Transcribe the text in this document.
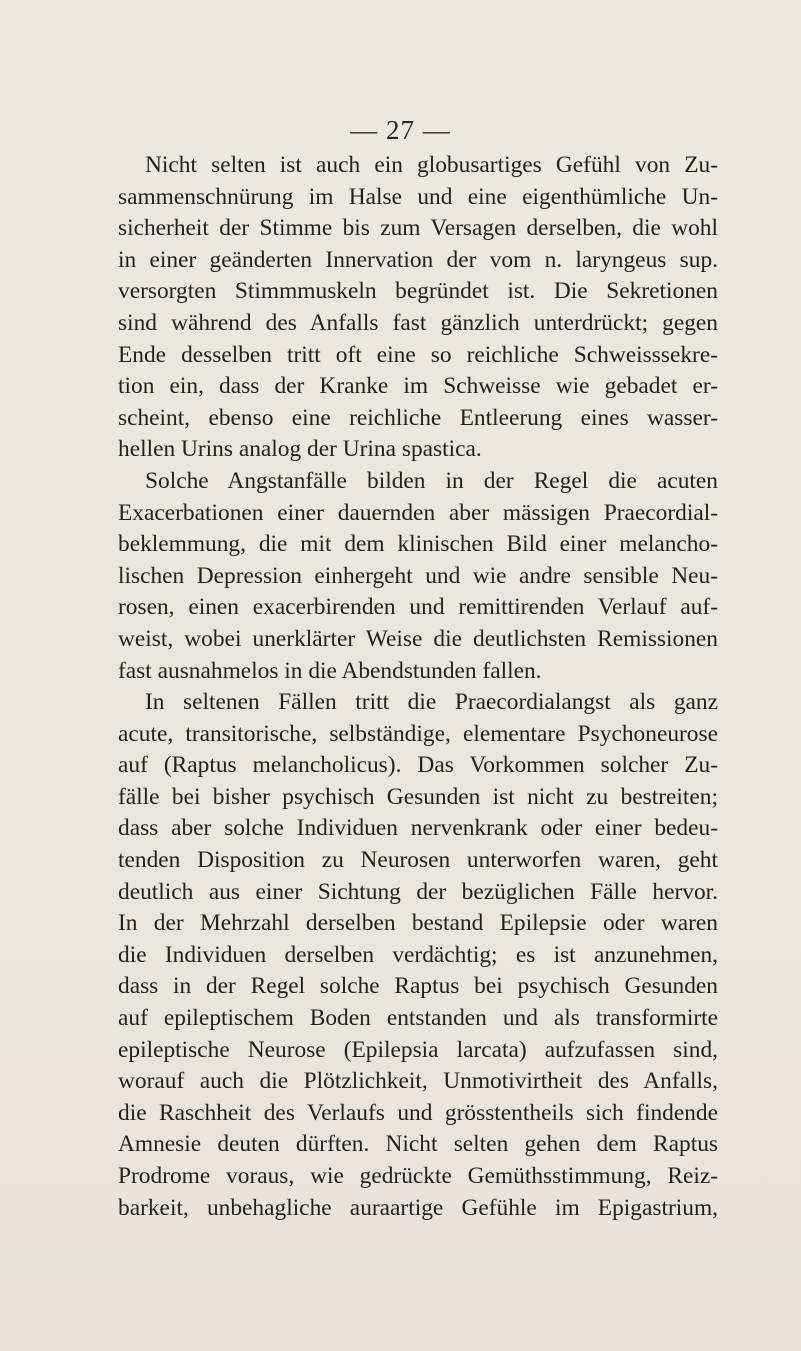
— 27 —
Nicht selten ist auch ein globusartiges Gefühl von Zu-
sammenschnürung im Halse und eine eigenthümliche Un-
sicherheit der Stimme bis zum Versagen derselben, die wohl
in einer geänderten Innervation der vom n. laryngeus sup.
versorgten Stimmmuskeln begründet ist. Die Sekretionen
sind während des Anfalls fast gänzlich unterdrückt; gegen
Ende desselben tritt oft eine so reichliche Schweisssekre-
tion ein, dass der Kranke im Schweisse wie gebadet er-
scheint, ebenso eine reichliche Entleerung eines wasser-
hellen Urins analog der Urina spastica.
Solche Angstanfälle bilden in der Regel die acuten
Exacerbationen einer dauernden aber mässigen Praecordial-
beklemmung, die mit dem klinischen Bild einer melancho-
lischen Depression einhergeht und wie andre sensible Neu-
rosen, einen exacerbirenden und remittirenden Verlauf auf-
weist, wobei unerklärter Weise die deutlichsten Remissionen
fast ausnahmelos in die Abendstunden fallen.
In seltenen Fällen tritt die Praecordialangst als ganz
acute, transitorische, selbständige, elementare Psychoneurose
auf (Raptus melancholicus). Das Vorkommen solcher Zu-
fälle bei bisher psychisch Gesunden ist nicht zu bestreiten;
dass aber solche Individuen nervenkrank oder einer bedeu-
tenden Disposition zu Neurosen unterworfen waren, geht
deutlich aus einer Sichtung der bezüglichen Fälle hervor.
In der Mehrzahl derselben bestand Epilepsie oder waren
die Individuen derselben verdächtig; es ist anzunehmen,
dass in der Regel solche Raptus bei psychisch Gesunden
auf epileptischem Boden entstanden und als transformirte
epileptische Neurose (Epilepsia larcata) aufzufassen sind,
worauf auch die Plötzlichkeit, Unmotivirtheit des Anfalls,
die Raschheit des Verlaufs und grösstentheils sich findende
Amnesie deuten dürften. Nicht selten gehen dem Raptus
Prodrome voraus, wie gedrückte Gemüthsstimmung, Reiz-
barkeit, unbehagliche auraartige Gefühle im Epigastrium,
